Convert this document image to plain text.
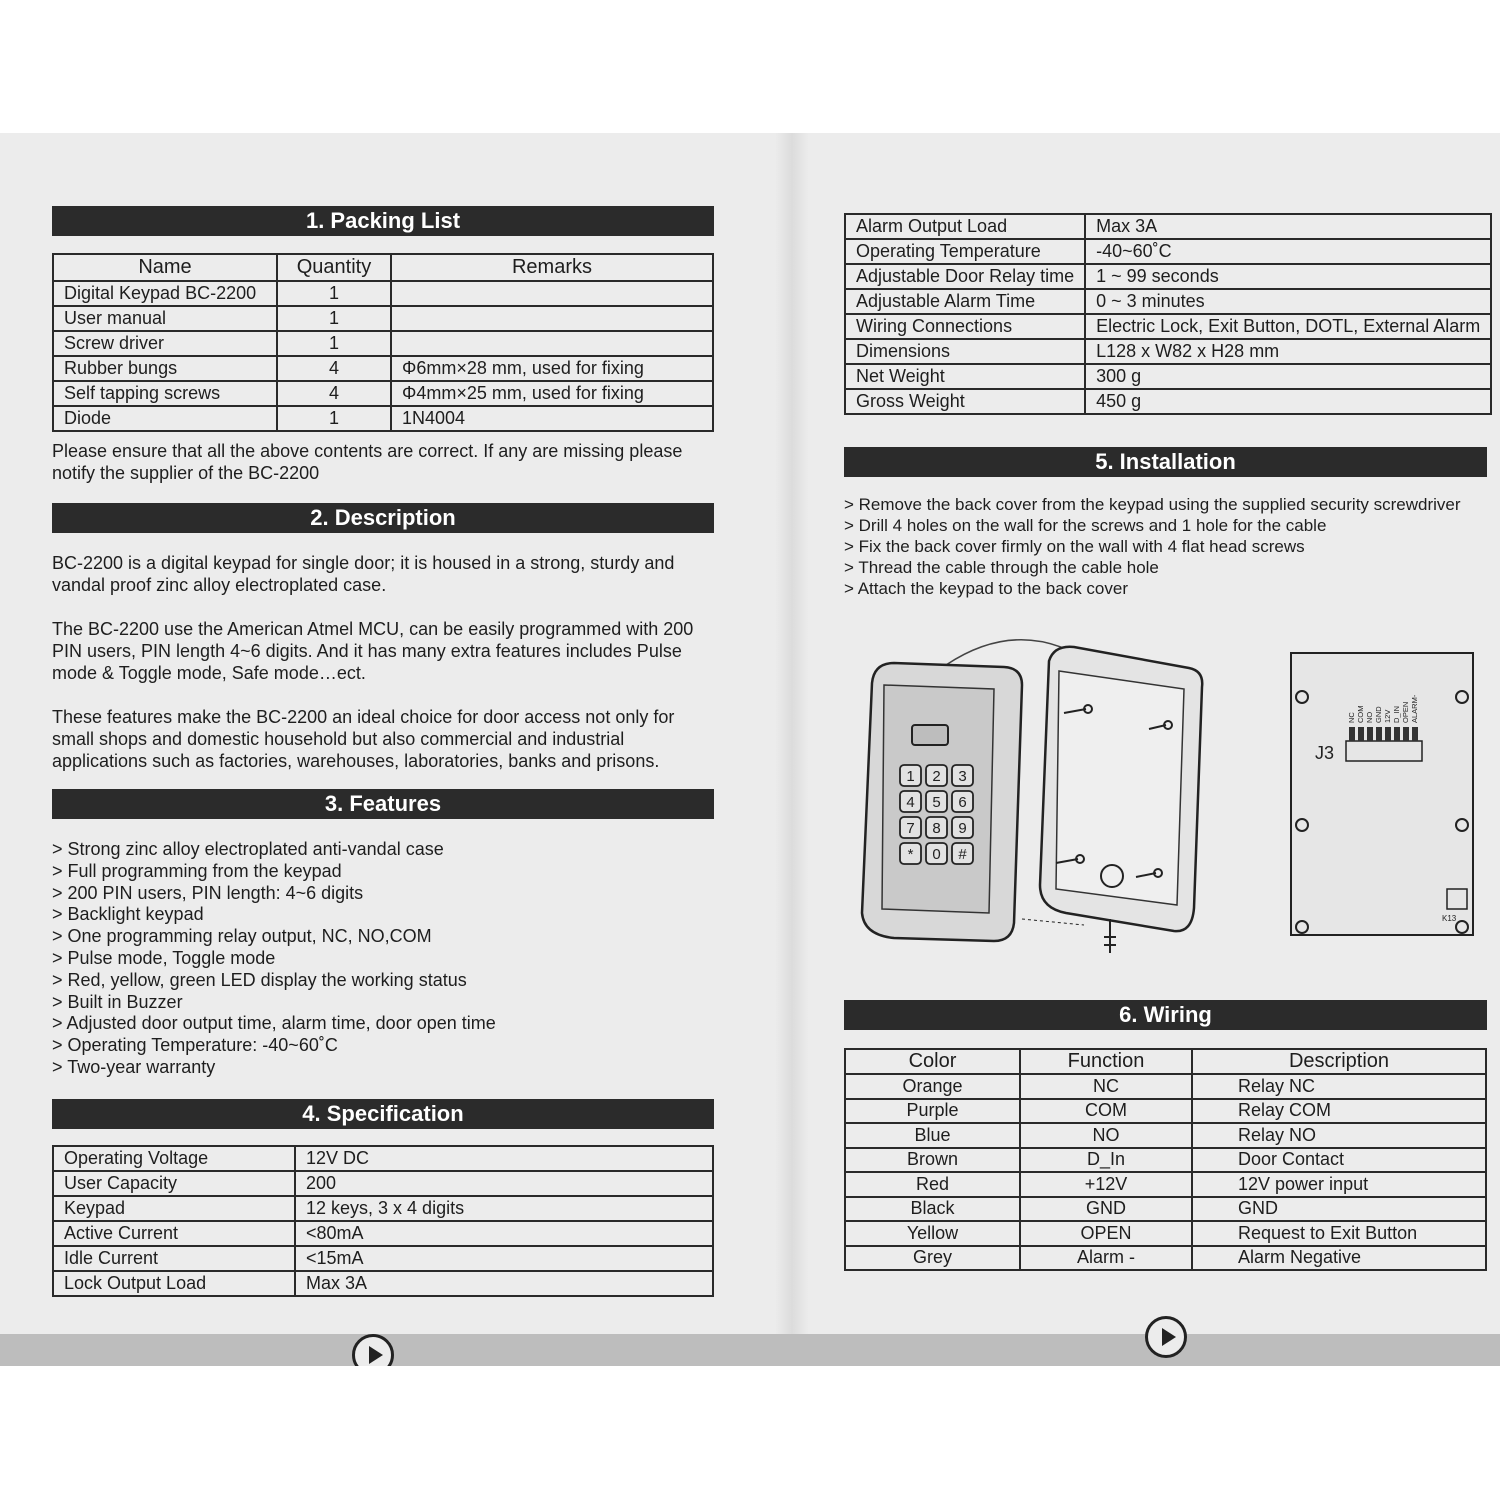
1. Packing List
Name	Quantity	Remarks
Digital Keypad BC-2200	1	
User manual	1	
Screw driver	1	
Rubber bungs	4	Φ6mm×28 mm, used for fixing
Self tapping screws	4	Φ4mm×25 mm, used for fixing
Diode	1	1N4004
Please ensure that all the above contents are correct. If any are missing please notify the supplier of the BC-2200
2. Description
BC-2200 is a digital keypad for single door; it is housed in a strong, sturdy and vandal proof zinc alloy electroplated case.
The BC-2200 use the American Atmel MCU, can be easily programmed with 200 PIN users, PIN length 4~6 digits. And it has many extra features includes Pulse mode & Toggle mode, Safe mode…ect.
These features make the BC-2200 an ideal choice for door access not only for small shops and domestic household but also commercial and industrial applications such as factories, warehouses, laboratories, banks and prisons.
3. Features
> Strong zinc alloy electroplated anti-vandal case
> Full programming from the keypad
> 200 PIN users, PIN length: 4~6 digits
> Backlight keypad
> One programming relay output, NC, NO,COM
> Pulse mode, Toggle mode
> Red, yellow, green LED display the working status
> Built in Buzzer
> Adjusted door output time, alarm time, door open time
> Operating Temperature: -40~60˚C
> Two-year warranty
4. Specification
Operating Voltage	12V DC
User Capacity	200
Keypad	12 keys, 3 x 4 digits
Active Current	<80mA
Idle Current	<15mA
Lock Output Load	Max 3A
Alarm Output Load	Max 3A
Operating Temperature	-40~60˚C
Adjustable Door Relay time	1 ~ 99 seconds
Adjustable Alarm Time	0 ~ 3 minutes
Wiring Connections	Electric Lock, Exit Button, DOTL, External Alarm
Dimensions	L128 x W82 x H28 mm
Net Weight	300 g
Gross Weight	450 g
5. Installation
> Remove the back cover from the keypad using the supplied security screwdriver
> Drill 4 holes on the wall for the screws and 1 hole for the cable
> Fix the back cover firmly on the wall with 4 flat head screws
> Thread the cable through the cable hole
> Attach the keypad to the back cover
1 2 3
4 5 6
7 8 9
* 0 #
NC COM NO GND 12V D_IN OPEN ALARM-
J3
K13
6. Wiring
Color	Function	Description
Orange	NC	Relay NC
Purple	COM	Relay COM
Blue	NO	Relay NO
Brown	D_In	Door Contact
Red	+12V	12V power input
Black	GND	GND
Yellow	OPEN	Request to Exit Button
Grey	Alarm -	Alarm Negative
